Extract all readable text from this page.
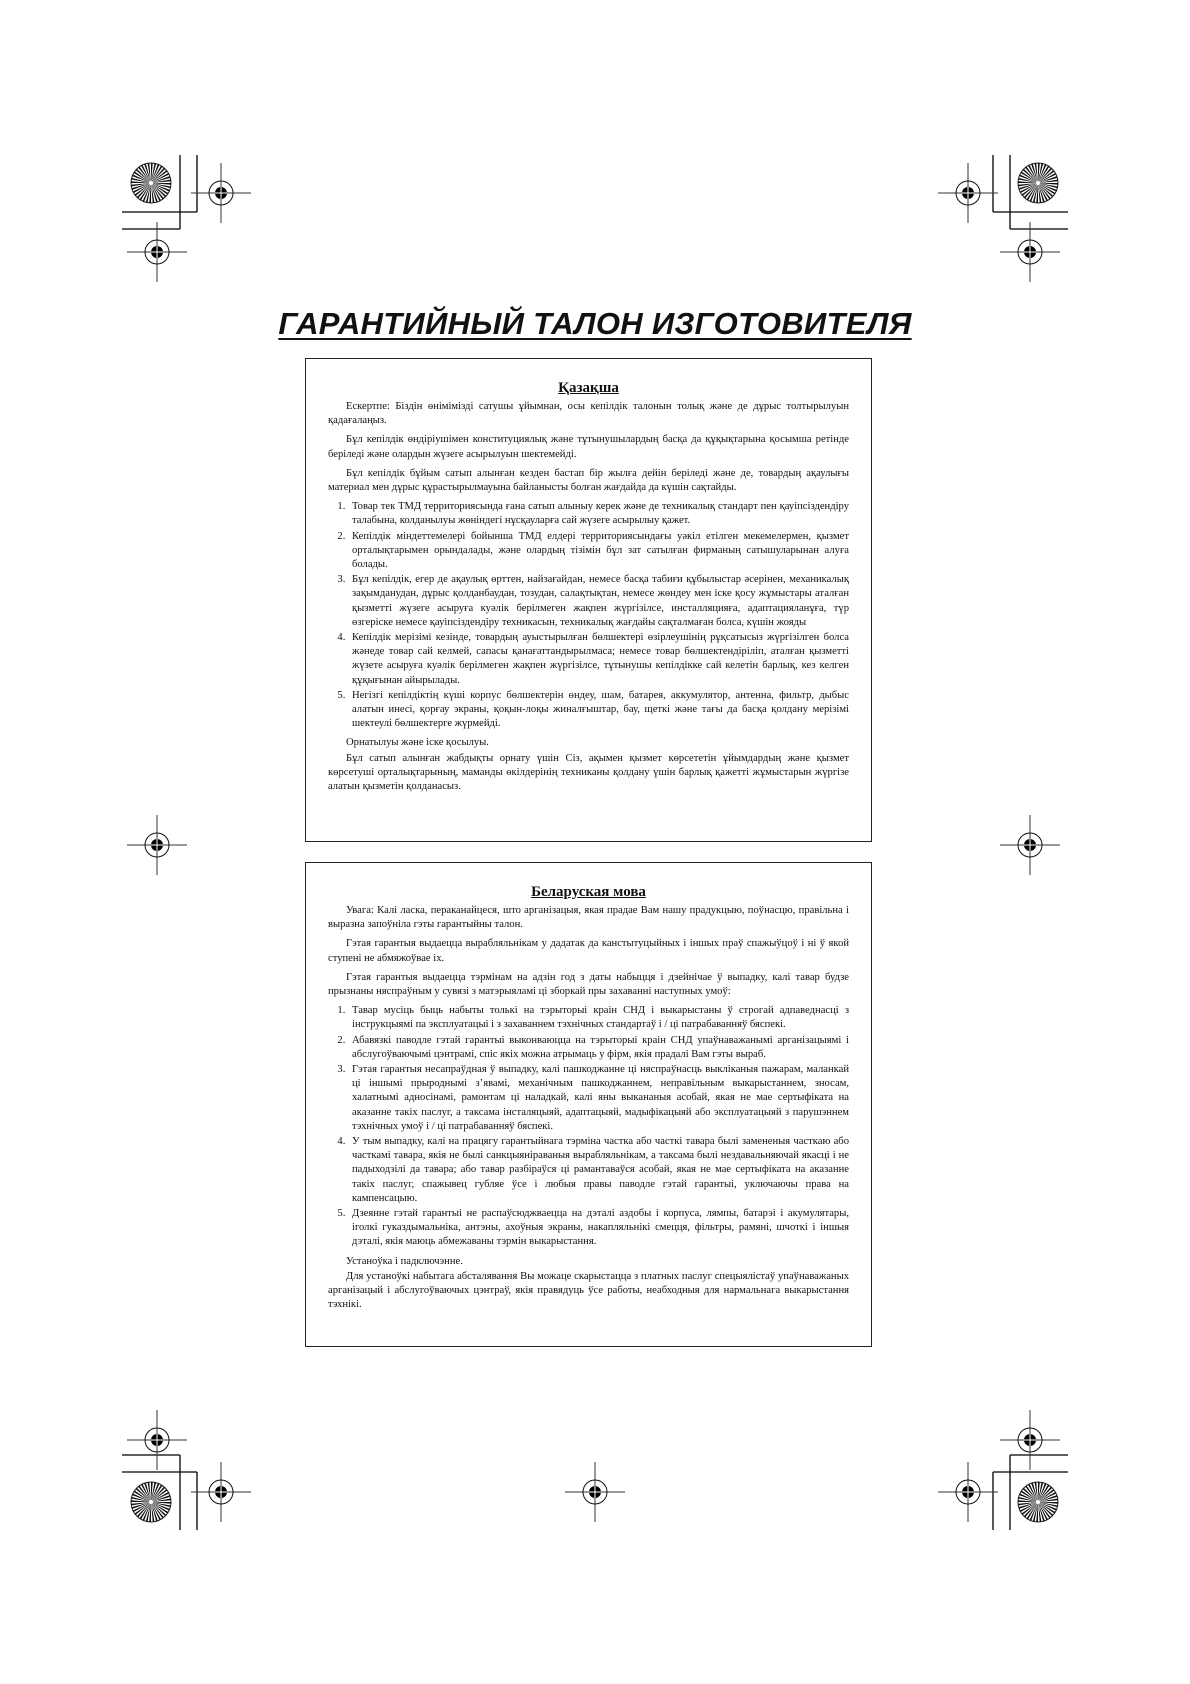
ГАРАНТИЙНЫЙ ТАЛОН ИЗГОТОВИТЕЛЯ
Қазақша

Ескертпе: Біздін өнімімізді сатушы ұйымнан, осы кепілдік талонын толық және де дұрыс толтырылуын қадағалаңыз.

Бұл кепілдік өндіріушімен конституциялық және тұтынушылардың басқа да құқықтарына қосымша ретінде беріледі және олардын жүзеге асырылуын шектемейді.

Бұл кепілдік бұйым сатып алынған кезден бастап бір жылға дейін беріледі және де, товардың ақаулығы материал мен дұрыс құрастырылмауына байланысты болған жағдайда да күшін сақтайды.

1. Товар тек ТМД территориясында ғана сатып алыныу керек және де техникалық стандарт пен қауіпсіздендіру талабына, колданылуы жөніндегі нұсқауларға сай жүзеге асырылыу қажет.
2. Кепілдік міндеттемелері бойынша ТМД елдері территориясындағы уәкіл етілген мекемелермен, қызмет орталықтарымен орындалады, және олардың тізімін бұл зат сатылған фирманың сатышуларынан алуға болады.
3. Бұл кепілдік, егер де ақаулық өрттен, найзағайдан, немесе басқа табиғи құбылыстар әсерінен, механикалық зақымданудан, дұрыс қолданбаудан, тозудан, салақтықтан, немесе жөндеу мен іске қосу жұмыстары аталған қызметті жүзеге асыруға куәлік берілмеген жақпен жүргізілсе, инсталляцияға, адаптацияланұға, түр өзгеріске немесе қауіпсіздендіру техникасын, техникалық жағдайы сақталмаған болса, күшін жояды
4. Кепілдік мерізімі кезінде, товардың ауыстырылған бөлшектері өзірлеушінің рұқсатысыз жүргізілген болса жәнеде товар сай келмей, сапасы қанағаттандырылмаса; немесе товар бөлшектендіріліп, аталған қызметті жүзете асыруға куәлік берілмеген жақпен жүргізілсе, тұтынушы кепілдікке сай келетін барлық, кез келген құқығынан айырылады.
5. Негізгі кепілдіктің күші корпус бөлшектерін өндеу, шам, батарея, аккумулятор, антенна, фильтр, дыбыс алатын инесі, қорғау экраны, қоқын-лоқы жиналғыштар, бау, щеткі және тағы да басқа қолдану мерізімі шектеулі бөлшектерге жүрмейді.

Орнатылуы және іске қосылуы.

Бұл сатып алынған жабдықты орнату үшін Сіз, ақымен қызмет көрсететін ұйымдардың және қызмет көрсетуші орталықтарының, маманды өкілдерінің техниканы қолдану үшін барлық қажетті жұмыстарын жүргізе алатын қызметін қолданасыз.

Беларуская мова

Увага: Калі ласка, пераканайцеся, што арганізацыя, якая прадае Вам нашу прадукцыю, поўнасцю, правільна і выразна запоўніла гэты гарантыйны талон.

Гэтая гарантыя выдаецца вырабляльнікам у дадатак да канстытуцыйных і іншых праў спажыўцоў і ні ў якой ступені не абмяжоўвае іх.

Гэтая гарантыя выдаецца тэрмінам на адзін год з даты набыцця і дзейнічае ў выпадку, калі тавар будзе прызнаны няспраўным у сувязі з матэрыяламі ці зборкай пры захаванні наступных умоў:

1. Тавар мусіць быць набыты толькі на тэрыторыі краін СНД і выкарыстаны ў строгай адпаведнасці з інструкцыямі па эксплуатацыі і з захаваннем тэхнічных стандартаў і / ці патрабаванняў бяспекі.
2. Абавязкі паводле гэтай гарантыі выконваюцца на тэрыторыі краін СНД упаўнаважанымі арганізацыямі і абслугоўваючымі цэнтрамі, спіс якіх можна атрымаць у фірм, якія прадалі Вам гэты выраб.
3. Гэтая гарантыя несапраўдная ў выпадку, калі пашкоджанне ці няспраўнасць выкліканыя пажарам, маланкай ці іншымі прыроднымі з’явамі, механічным пашкоджаннем, неправільным выкарыстаннем, зносам, халатнымі адносінамі, рамонтам ці наладкай, калі яны выкананыя асобай, якая не мае сертыфіката на аказанне такіх паслуг, а таксама інсталяцыяй, адаптацыяй, мадыфікацыяй або эксплуатацыяй з парушэннем тэхнічных умоў і / ці патрабаванняў бяспекі.
4. У тым выпадку, калі на працягу гарантыйнага тэрміна частка або часткі тавара былі замененыя часткаю або часткамі тавара, якія не былі санкцыянiраваныя вырабляльнікам, а таксама былі нездавальняючай якасці і не падыходзілі да тавара; або тавар разбіраўся ці рамантаваўся асобай, якая не мае сертыфіката на аказанне такіх паслуг, спажывец губляе ўсе і любыя правы паводле гэтай гарантыі, уключаючы права на кампенсацыю.
5. Дзеянне гэтай гарантыі не распаўсюджваецца на дэталі аздобы і корпуса, лямпы, батарэі і акумулятары, іголкі гуказдымальніка, антэны, ахоўныя экраны, накапляльнікі смецця, фільтры, рамяні, шчоткі і іншыя дэталі, якія маюць абмежаваны тэрмін выкарыстання.

Устаноўка і падключэнне.

Для устаноўкі набытага абсталявання Вы можаце скарыстацца з платных паслуг спецыялістаў упаўнаважаных арганізацый і абслугоўваючых цэнтраў, якія правядуць ўсе работы, неабходныя для нармальнага выкарыстання тэхнікі.
